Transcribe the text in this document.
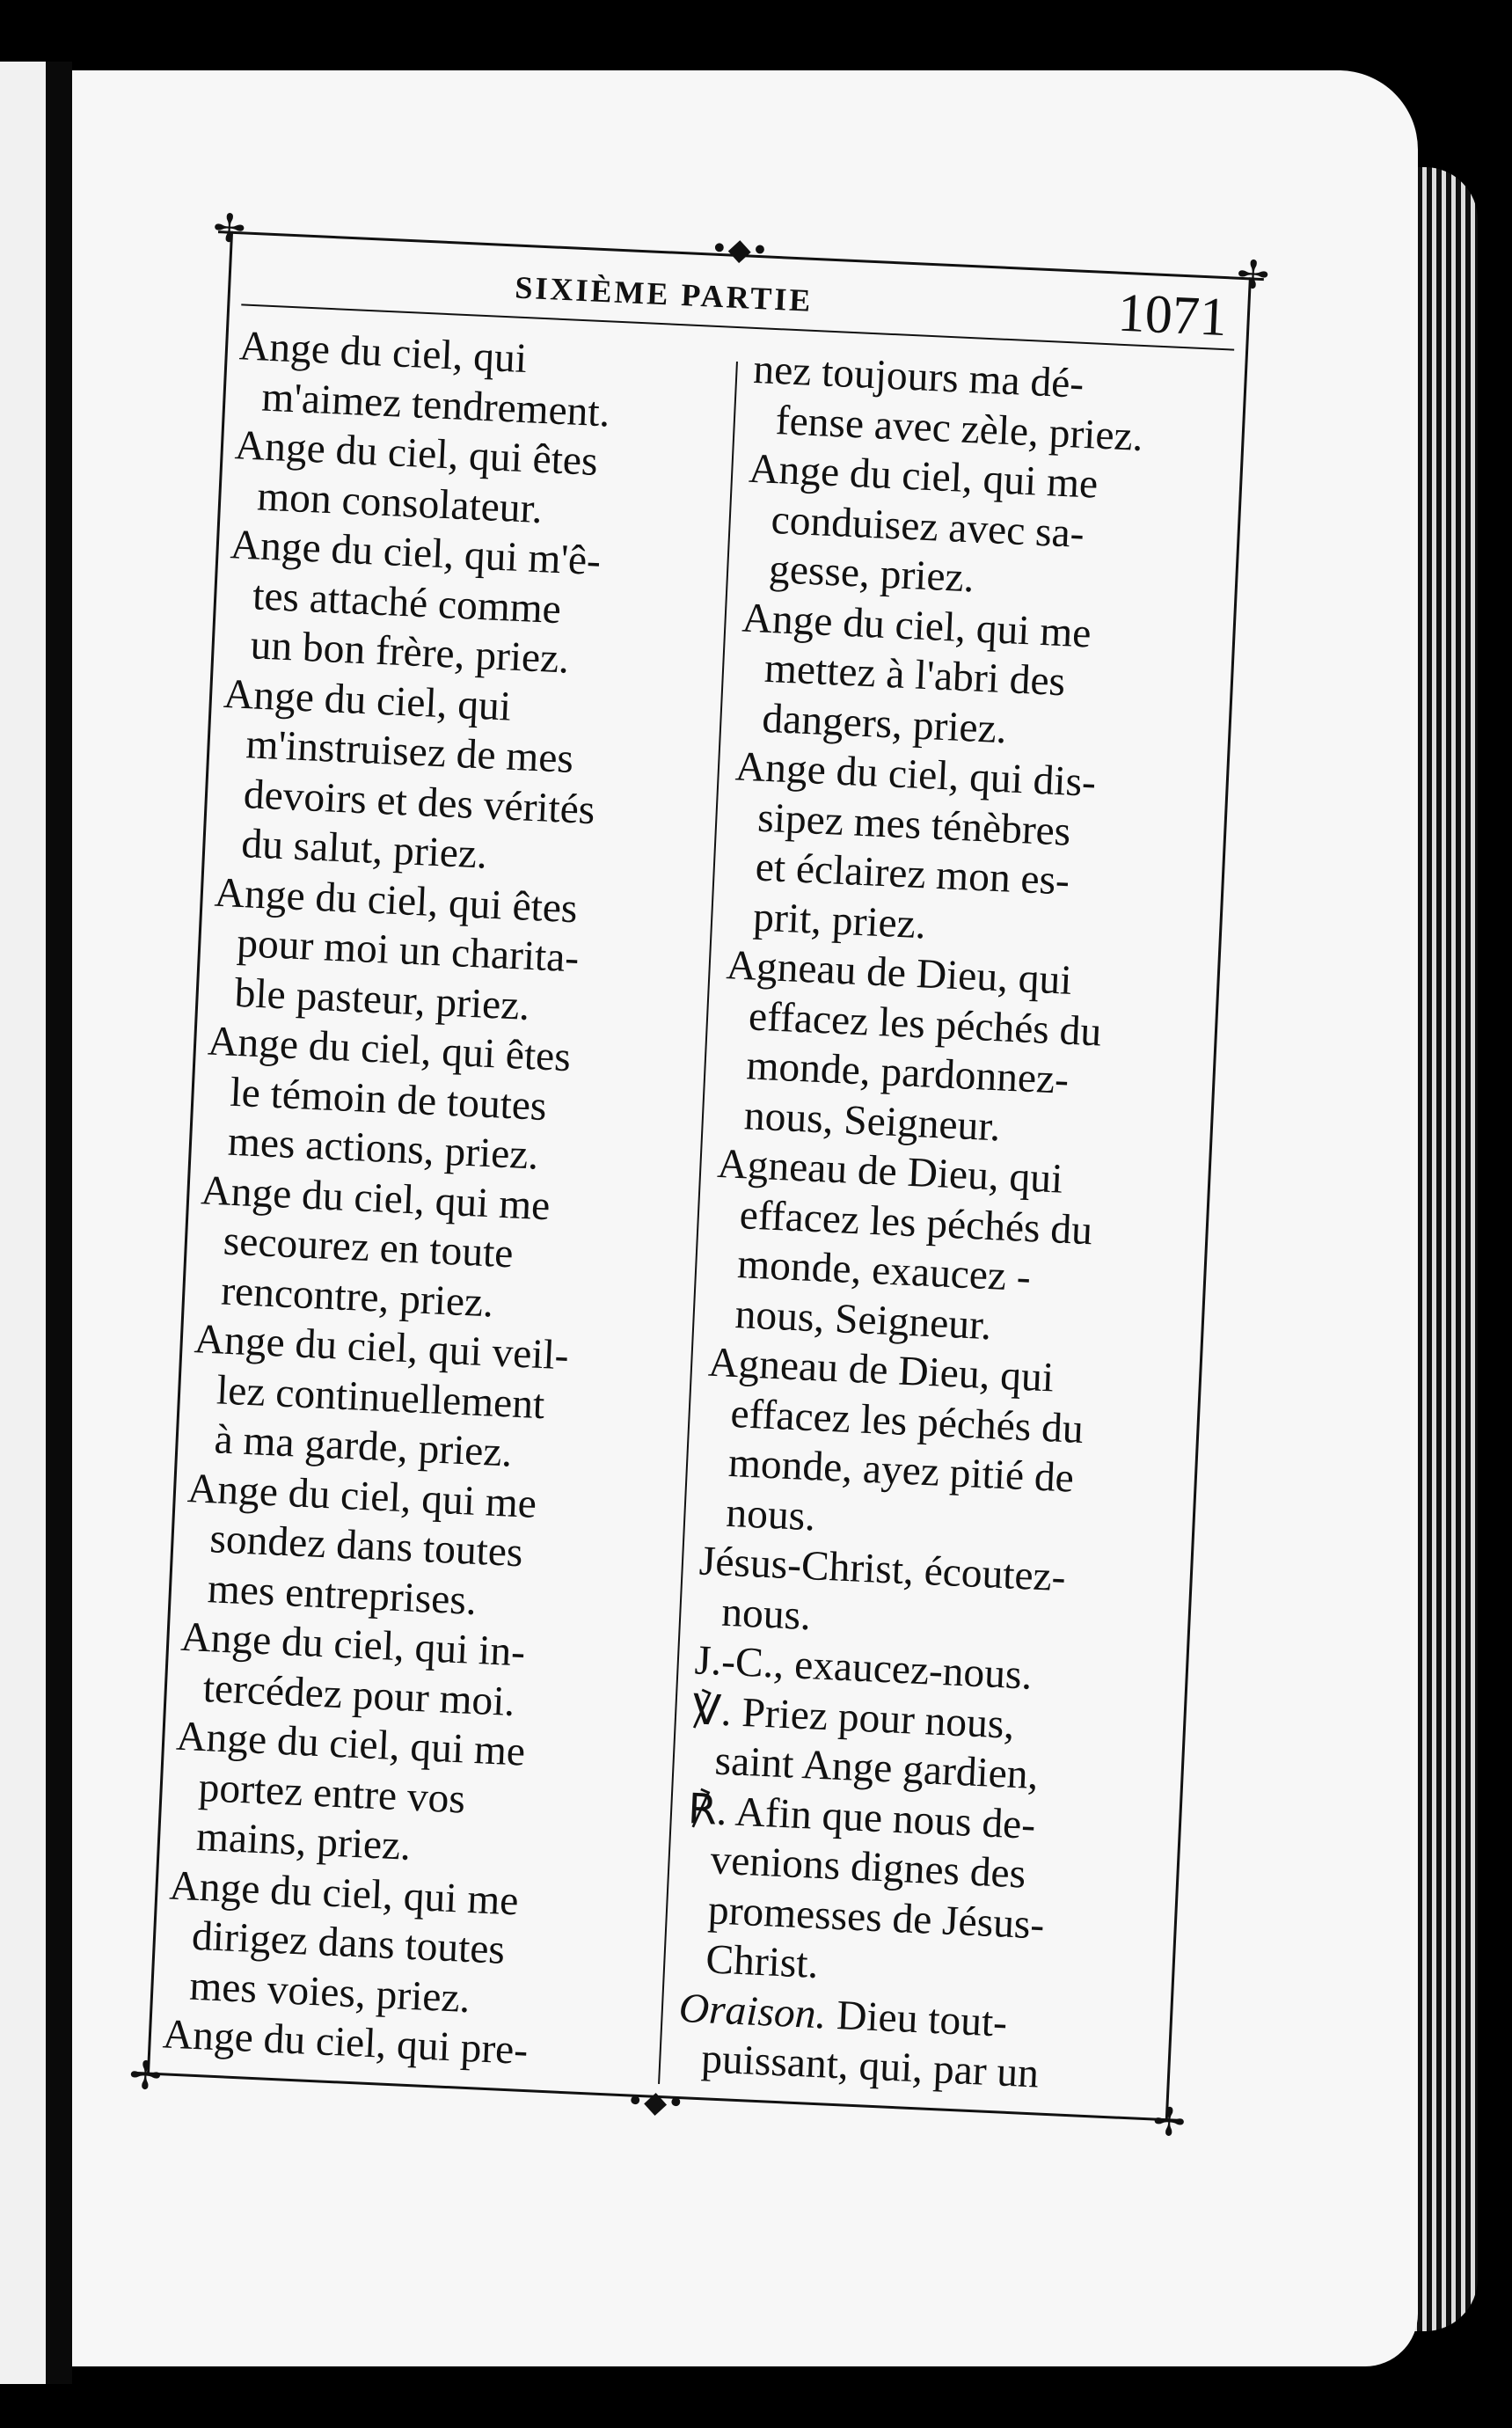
✢
✢
✢
✢
•◆•
•◆•
SIXIÈME PARTIE	1071
Ange du ciel, qui
m'aimez tendrement.
Ange du ciel, qui êtes
mon consolateur.
Ange du ciel, qui m'ê-
tes attaché comme
un bon frère, priez.
Ange du ciel, qui
m'instruisez de mes
devoirs et des vérités
du salut, priez.
Ange du ciel, qui êtes
pour moi un charita-
ble pasteur, priez.
Ange du ciel, qui êtes
le témoin de toutes
mes actions, priez.
Ange du ciel, qui me
secourez en toute
rencontre, priez.
Ange du ciel, qui veil-
lez continuellement
à ma garde, priez.
Ange du ciel, qui me
sondez dans toutes
mes entreprises.
Ange du ciel, qui in-
tercédez pour moi.
Ange du ciel, qui me
portez entre vos
mains, priez.
Ange du ciel, qui me
dirigez dans toutes
mes voies, priez.
Ange du ciel, qui pre-
nez toujours ma dé-
fense avec zèle, priez.
Ange du ciel, qui me
conduisez avec sa-
gesse, priez.
Ange du ciel, qui me
mettez à l'abri des
dangers, priez.
Ange du ciel, qui dis-
sipez mes ténèbres
et éclairez mon es-
prit, priez.
Agneau de Dieu, qui
effacez les péchés du
monde, pardonnez-
nous, Seigneur.
Agneau de Dieu, qui
effacez les péchés du
monde, exaucez -
nous, Seigneur.
Agneau de Dieu, qui
effacez les péchés du
monde, ayez pitié de
nous.
Jésus-Christ, écoutez-
nous.
J.-C., exaucez-nous.
℣. Priez pour nous,
saint Ange gardien,
℟. Afin que nous de-
venions dignes des
promesses de Jésus-
Christ.
Oraison. Dieu tout-
puissant, qui, par un
